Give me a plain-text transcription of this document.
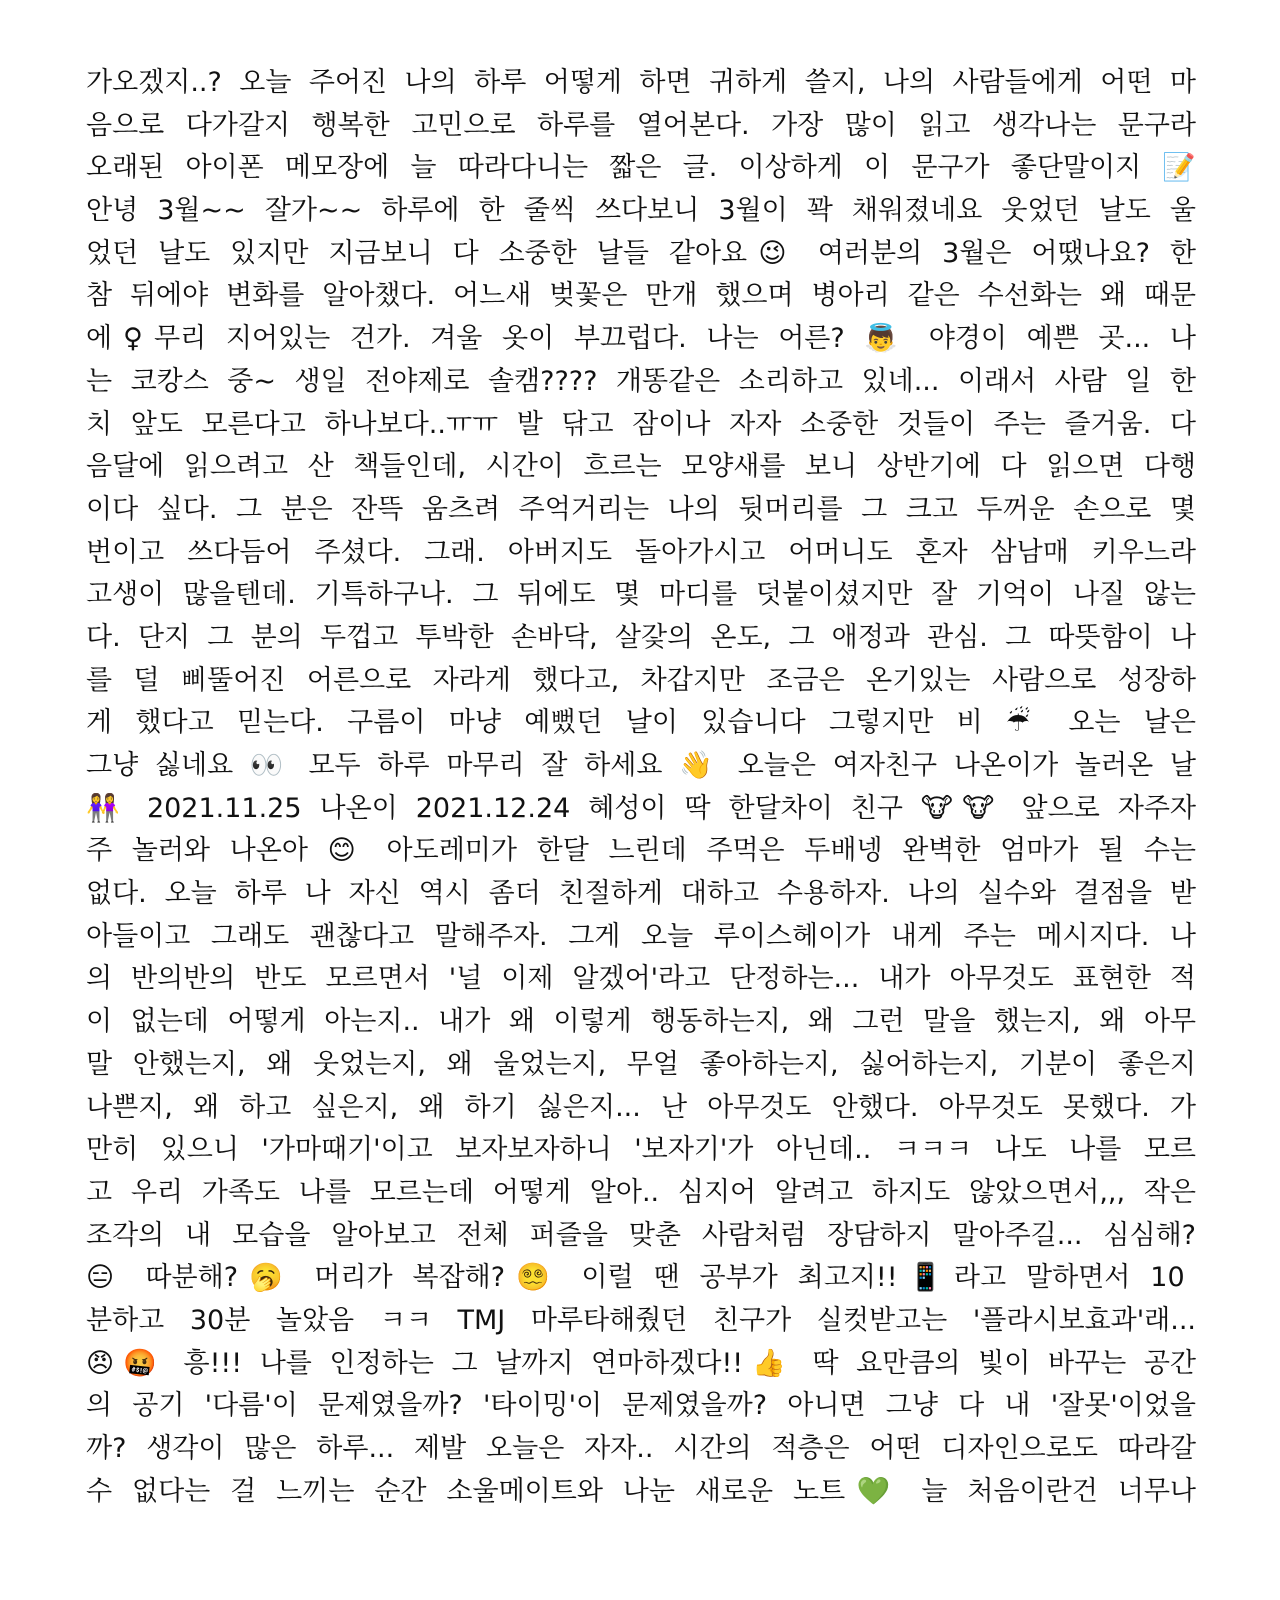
가오겠지..? 오늘 주어진 나의 하루 어떻게 하면 귀하게 쓸지, 나의 사람들에게 어떤 마
음으로 다가갈지 행복한 고민으로 하루를 열어본다. 가장 많이 읽고 생각나는 문구라
오래된 아이폰 메모장에 늘 따라다니는 짧은 글. 이상하게 이 문구가 좋단말이지 📝
안녕 3월~~ 잘가~~ 하루에 한 줄씩 쓰다보니 3월이 꽉 채워졌네요 웃었던 날도 울
었던 날도 있지만 지금보니 다 소중한 날들 같아요😉 여러분의 3월은 어땠나요? 한
참 뒤에야 변화를 알아챘다. 어느새 벚꽃은 만개 했으며 병아리 같은 수선화는 왜 때문
에♀무리 지어있는 건가. 겨울 옷이 부끄럽다. 나는 어른? 👼 야경이 예쁜 곳... 나
는 코캉스 중~ 생일 전야제로 솔캠???? 개똥같은 소리하고 있네... 이래서 사람 일 한
치 앞도 모른다고 하나보다..ㅠㅠ 발 닦고 잠이나 자자 소중한 것들이 주는 즐거움. 다
음달에 읽으려고 산 책들인데, 시간이 흐르는 모양새를 보니 상반기에 다 읽으면 다행
이다 싶다. 그 분은 잔뜩 움츠려 주억거리는 나의 뒷머리를 그 크고 두꺼운 손으로 몇
번이고 쓰다듬어 주셨다. 그래. 아버지도 돌아가시고 어머니도 혼자 삼남매 키우느라
고생이 많을텐데. 기특하구나. 그 뒤에도 몇 마디를 덧붙이셨지만 잘 기억이 나질 않는
다. 단지 그 분의 두껍고 투박한 손바닥, 살갗의 온도, 그 애정과 관심. 그 따뜻함이 나
를 덜 삐뚤어진 어른으로 자라게 했다고, 차갑지만 조금은 온기있는 사람으로 성장하
게 했다고 믿는다. 구름이 마냥 예뻤던 날이 있습니다 그렇지만 비 ☔ 오는 날은
그냥 싫네요 👀 모두 하루 마무리 잘 하세요 👋 오늘은 여자친구 나온이가 놀러온 날
👭 2021.11.25 나온이 2021.12.24 혜성이 딱 한달차이 친구 🐮🐮 앞으로 자주자
주 놀러와 나온아 😊 아도레미가 한달 느린데 주먹은 두배넹 완벽한 엄마가 될 수는
없다. 오늘 하루 나 자신 역시 좀더 친절하게 대하고 수용하자. 나의 실수와 결점을 받
아들이고 그래도 괜찮다고 말해주자. 그게 오늘 루이스헤이가 내게 주는 메시지다. 나
의 반의반의 반도 모르면서 '널 이제 알겠어'라고 단정하는... 내가 아무것도 표현한 적
이 없는데 어떻게 아는지.. 내가 왜 이렇게 행동하는지, 왜 그런 말을 했는지, 왜 아무
말 안했는지, 왜 웃었는지, 왜 울었는지, 무얼 좋아하는지, 싫어하는지, 기분이 좋은지
나쁜지, 왜 하고 싶은지, 왜 하기 싫은지... 난 아무것도 안했다. 아무것도 못했다. 가
만히 있으니 '가마때기'이고 보자보자하니 '보자기'가 아닌데.. ㅋㅋㅋ 나도 나를 모르
고 우리 가족도 나를 모르는데 어떻게 알아.. 심지어 알려고 하지도 않았으면서,,, 작은
조각의 내 모습을 알아보고 전체 퍼즐을 맞춘 사람처럼 장담하지 말아주길... 심심해?
😑 따분해?🥱 머리가 복잡해?😵‍💫 이럴 땐 공부가 최고지!!📱라고 말하면서 10
분하고 30분 놀았음 ㅋㅋ TMJ 마루타해줬던 친구가 실컷받고는 '플라시보효과'래...
😠🤬 흥!!! 나를 인정하는 그 날까지 연마하겠다!!👍 딱 요만큼의 빛이 바꾸는 공간
의 공기 '다름'이 문제였을까? '타이밍'이 문제였을까? 아니면 그냥 다 내 '잘못'이었을
까? 생각이 많은 하루... 제발 오늘은 자자.. 시간의 적층은 어떤 디자인으로도 따라갈
수 없다는 걸 느끼는 순간 소울메이트와 나눈 새로운 노트💚 늘 처음이란건 너무나
